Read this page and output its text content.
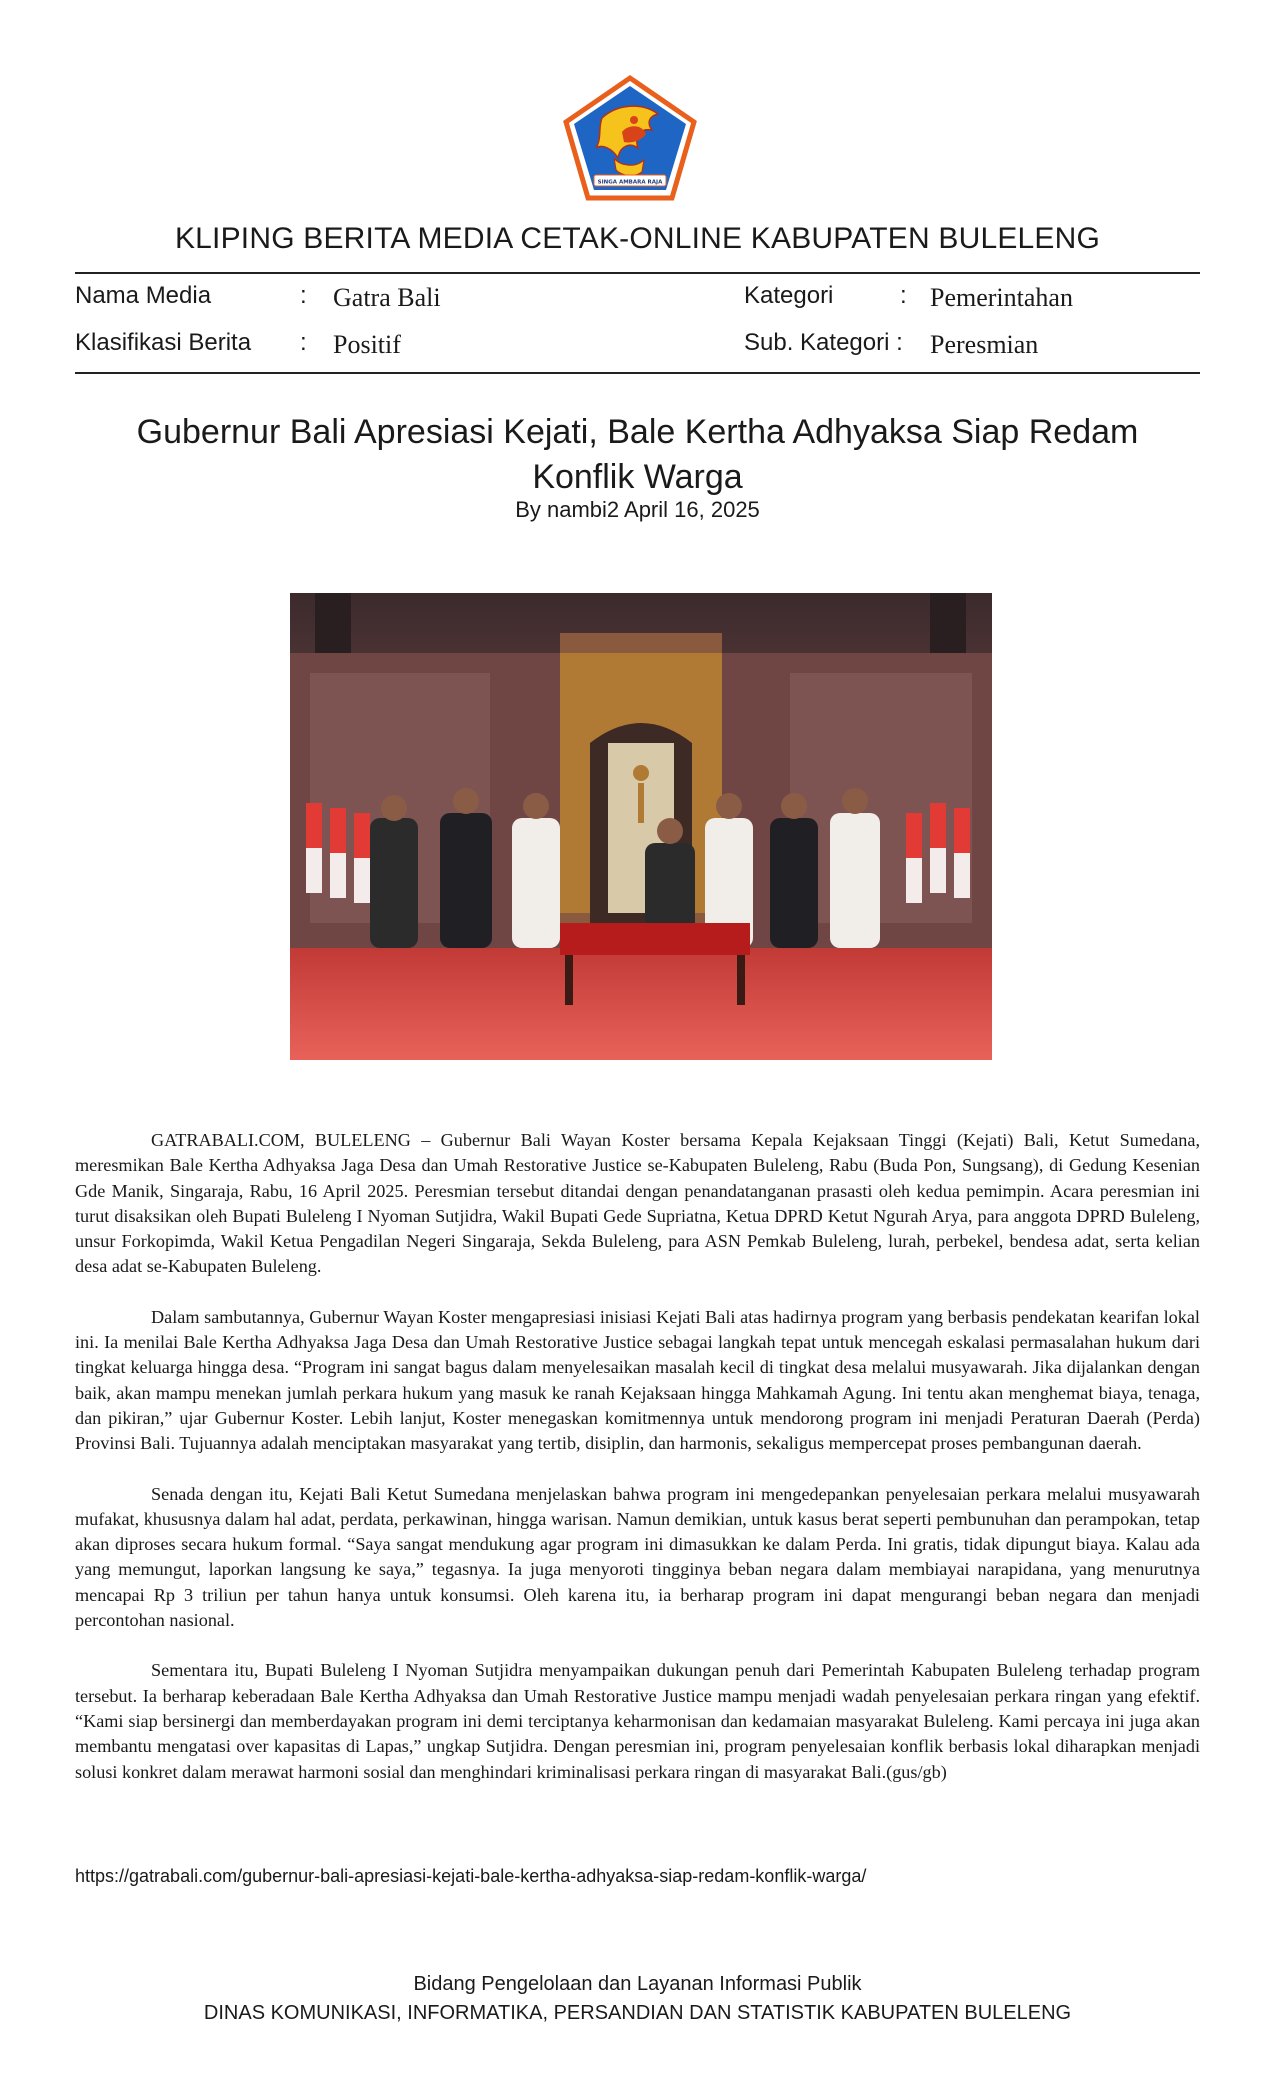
SINGA AMBARA RAJA
KLIPING BERITA MEDIA CETAK-ONLINE KABUPATEN BULELENG
Nama Media	: Gatra Bali
Klasifikasi Berita : Positif
Kategori	: Pemerintahan
Sub. Kategori : Peresmian
Gubernur Bali Apresiasi Kejati, Bale Kertha Adhyaksa Siap Redam
Konflik Warga
By nambi2 April 16, 2025

GATRABALI.COM, BULELENG – Gubernur Bali Wayan Koster bersama Kepala Kejaksaan Tinggi (Kejati) Bali, Ketut Sumedana, meresmikan Bale Kertha Adhyaksa Jaga Desa dan Umah Restorative Justice se-Kabupaten Buleleng, Rabu (Buda Pon, Sungsang), di Gedung Kesenian Gde Manik, Singaraja, Rabu, 16 April 2025. Peresmian tersebut ditandai dengan penandatanganan prasasti oleh kedua pemimpin. Acara peresmian ini turut disaksikan oleh Bupati Buleleng I Nyoman Sutjidra, Wakil Bupati Gede Supriatna, Ketua DPRD Ketut Ngurah Arya, para anggota DPRD Buleleng, unsur Forkopimda, Wakil Ketua Pengadilan Negeri Singaraja, Sekda Buleleng, para ASN Pemkab Buleleng, lurah, perbekel, bendesa adat, serta kelian desa adat se-Kabupaten Buleleng.

Dalam sambutannya, Gubernur Wayan Koster mengapresiasi inisiasi Kejati Bali atas hadirnya program yang berbasis pendekatan kearifan lokal ini. Ia menilai Bale Kertha Adhyaksa Jaga Desa dan Umah Restorative Justice sebagai langkah tepat untuk mencegah eskalasi permasalahan hukum dari tingkat keluarga hingga desa. “Program ini sangat bagus dalam menyelesaikan masalah kecil di tingkat desa melalui musyawarah. Jika dijalankan dengan baik, akan mampu menekan jumlah perkara hukum yang masuk ke ranah Kejaksaan hingga Mahkamah Agung. Ini tentu akan menghemat biaya, tenaga, dan pikiran,” ujar Gubernur Koster. Lebih lanjut, Koster menegaskan komitmennya untuk mendorong program ini menjadi Peraturan Daerah (Perda) Provinsi Bali. Tujuannya adalah menciptakan masyarakat yang tertib, disiplin, dan harmonis, sekaligus mempercepat proses pembangunan daerah.

Senada dengan itu, Kejati Bali Ketut Sumedana menjelaskan bahwa program ini mengedepankan penyelesaian perkara melalui musyawarah mufakat, khususnya dalam hal adat, perdata, perkawinan, hingga warisan. Namun demikian, untuk kasus berat seperti pembunuhan dan perampokan, tetap akan diproses secara hukum formal. “Saya sangat mendukung agar program ini dimasukkan ke dalam Perda. Ini gratis, tidak dipungut biaya. Kalau ada yang memungut, laporkan langsung ke saya,” tegasnya. Ia juga menyoroti tingginya beban negara dalam membiayai narapidana, yang menurutnya mencapai Rp 3 triliun per tahun hanya untuk konsumsi. Oleh karena itu, ia berharap program ini dapat mengurangi beban negara dan menjadi percontohan nasional.

Sementara itu, Bupati Buleleng I Nyoman Sutjidra menyampaikan dukungan penuh dari Pemerintah Kabupaten Buleleng terhadap program tersebut. Ia berharap keberadaan Bale Kertha Adhyaksa dan Umah Restorative Justice mampu menjadi wadah penyelesaian perkara ringan yang efektif. “Kami siap bersinergi dan memberdayakan program ini demi terciptanya keharmonisan dan kedamaian masyarakat Buleleng. Kami percaya ini juga akan membantu mengatasi over kapasitas di Lapas,” ungkap Sutjidra. Dengan peresmian ini, program penyelesaian konflik berbasis lokal diharapkan menjadi solusi konkret dalam merawat harmoni sosial dan menghindari kriminalisasi perkara ringan di masyarakat Bali.(gus/gb)

https://gatrabali.com/gubernur-bali-apresiasi-kejati-bale-kertha-adhyaksa-siap-redam-konflik-warga/
Bidang Pengelolaan dan Layanan Informasi Publik
DINAS KOMUNIKASI, INFORMATIKA, PERSANDIAN DAN STATISTIK KABUPATEN BULELENG
